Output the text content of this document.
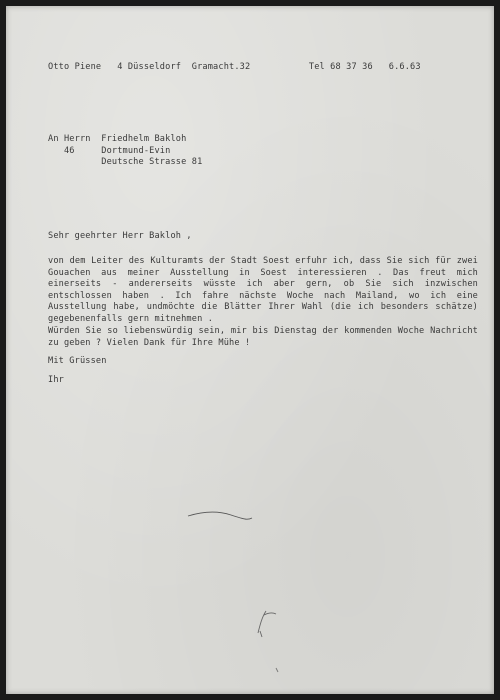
Otto Piene   4 Düsseldorf  Gramacht.32	Tel 68 37 36 6.6.63
An Herrn  Friedhelm Bakloh
46     Dortmund-Evin
Deutsche Strasse 81
Sehr geehrter Herr Bakloh ,
von dem Leiter des Kulturamts der Stadt Soest erfuhr ich, dass Sie sich für zwei Gouachen aus meiner Ausstellung in Soest interessieren . Das freut mich einerseits - andererseits wüsste ich aber gern, ob Sie sich inzwischen entschlossen haben . Ich fahre nächste Woche nach Mailand, wo ich eine Ausstellung habe, undmöchte die Blätter Ihrer Wahl (die ich besonders schätze) gegebenenfalls gern mitnehmen .
Würden Sie so liebenswürdig sein, mir bis Dienstag der kommenden Woche Nachricht zu geben ? Vielen Dank für Ihre Mühe !
Mit Grüssen
Ihr
